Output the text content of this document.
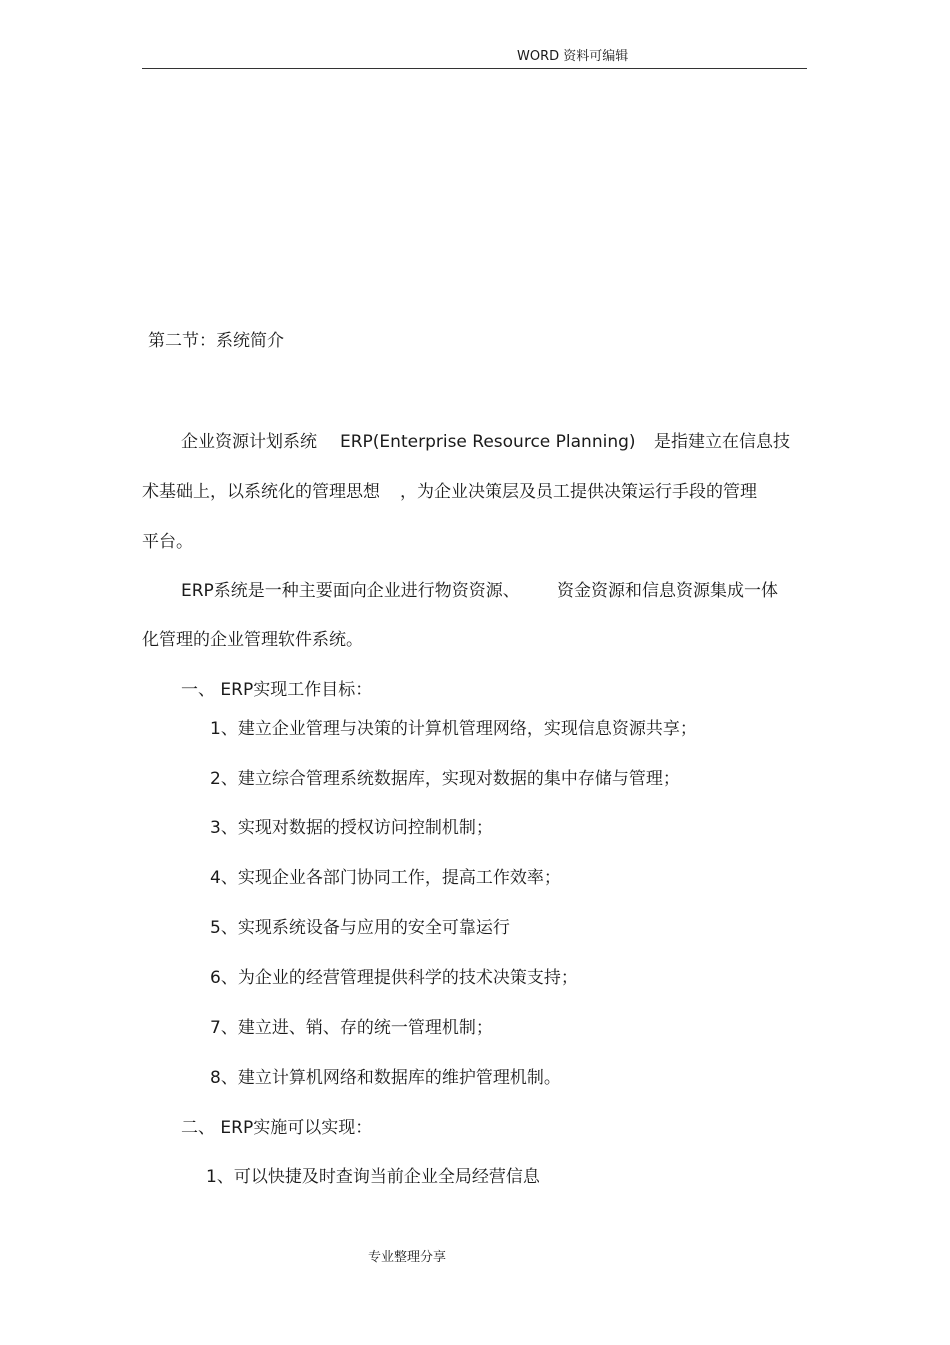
WORD 资料可编辑
第二节：系统简介
企业资源计划系统 ERP(Enterprise Resource Planning) 是指建立在信息技
术基础上，以系统化的管理思想 ，为企业决策层及员工提供决策运行手段的管理
平台。
ERP系统是一种主要面向企业进行物资资源、 资金资源和信息资源集成一体
化管理的企业管理软件系统。
一、 ERP实现工作目标：
1、建立企业管理与决策的计算机管理网络，实现信息资源共享；
2、建立综合管理系统数据库，实现对数据的集中存储与管理；
3、实现对数据的授权访问控制机制；
4、实现企业各部门协同工作，提高工作效率；
5、实现系统设备与应用的安全可靠运行
6、为企业的经营管理提供科学的技术决策支持；
7、建立进、销、存的统一管理机制；
8、建立计算机网络和数据库的维护管理机制。
二、 ERP实施可以实现：
1、可以快捷及时查询当前企业全局经营信息
专业整理分享
